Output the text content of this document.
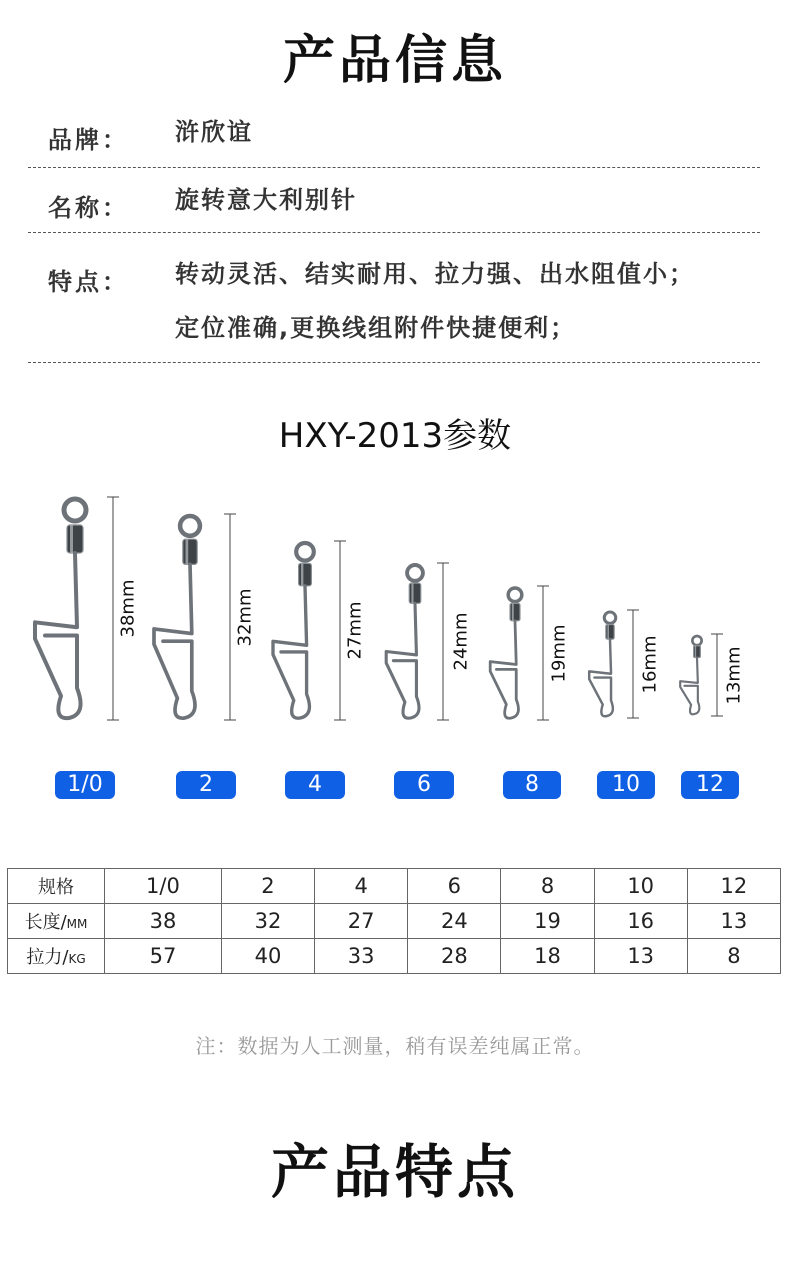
产品信息
品牌： 浒欣谊
名称： 旋转意大利别针
特点： 转动灵活、结实耐用、拉力强、出水阻值小；
定位准确,更换线组附件快捷便利；
HXY-2013参数
38mm	32mm	27mm	24mm	19mm	16mm	13mm
1/0	2	4	6	8	10	12
规格	1/0	2	4	6	8	10	12
长度/MM	38	32	27	24	19	16	13
拉力/KG	57	40	33	28	18	13	8
注：数据为人工测量，稍有误差纯属正常。
产品特点
